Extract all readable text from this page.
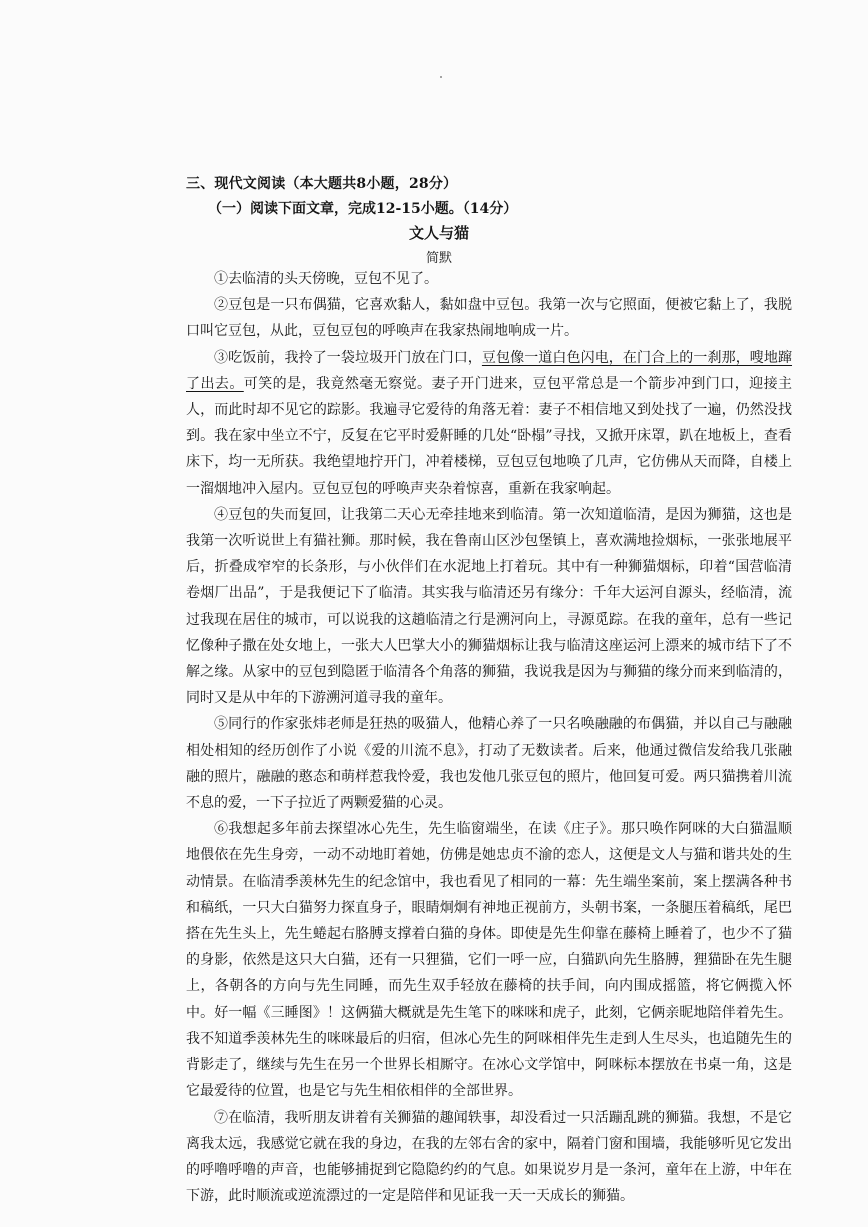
三、现代文阅读（本大题共8小题，28分）
（一）阅读下面文章，完成12-15小题。（14分）
文人与猫
简默

①去临清的头天傍晚，豆包不见了。

②豆包是一只布偶猫，它喜欢黏人，黏如盘中豆包。我第一次与它照面，便被它黏上了，我脱口叫它豆包，从此，豆包豆包的呼唤声在我家热闹地响成一片。

③吃饭前，我拎了一袋垃圾开门放在门口，豆包像一道白色闪电，在门合上的一刹那，嗖地蹿了出去。可笑的是，我竟然毫无察觉。妻子开门进来，豆包平常总是一个箭步冲到门口，迎接主人，而此时却不见它的踪影。我遍寻它爱待的角落无着：妻子不相信地又到处找了一遍，仍然没找到。我在家中坐立不宁，反复在它平时爱鼾睡的几处“卧榻”寻找，又掀开床罩，趴在地板上，查看床下，均一无所获。我绝望地拧开门，冲着楼梯，豆包豆包地唤了几声，它仿佛从天而降，自楼上一溜烟地冲入屋内。豆包豆包的呼唤声夹杂着惊喜，重新在我家响起。

④豆包的失而复回，让我第二天心无牵挂地来到临清。第一次知道临清，是因为狮猫，这也是我第一次听说世上有猫社狮。那时候，我在鲁南山区沙包堡镇上，喜欢满地捡烟标，一张张地展平后，折叠成窄窄的长条形，与小伙伴们在水泥地上打着玩。其中有一种狮猫烟标，印着“国营临清卷烟厂出品”，于是我便记下了临清。其实我与临清还另有缘分：千年大运河自源头，经临清，流过我现在居住的城市，可以说我的这趟临清之行是溯河向上，寻源觅踪。在我的童年，总有一些记忆像种子撒在处女地上，一张大人巴掌大小的狮猫烟标让我与临清这座运河上漂来的城市结下了不解之缘。从家中的豆包到隐匿于临清各个角落的狮猫，我说我是因为与狮猫的缘分而来到临清的，同时又是从中年的下游溯河道寻我的童年。

⑤同行的作家张炜老师是狂热的吸猫人，他精心养了一只名唤融融的布偶猫，并以自己与融融相处相知的经历创作了小说《爱的川流不息》，打动了无数读者。后来，他通过微信发给我几张融融的照片，融融的憨态和萌样惹我怜爱，我也发他几张豆包的照片，他回复可爱。两只猫携着川流不息的爱，一下子拉近了两颗爱猫的心灵。

⑥我想起多年前去探望冰心先生，先生临窗端坐，在读《庄子》。那只唤作阿咪的大白猫温顺地偎依在先生身旁，一动不动地盯着她，仿佛是她忠贞不渝的恋人，这便是文人与猫和谐共处的生动情景。在临清季羡林先生的纪念馆中，我也看见了相同的一幕：先生端坐案前，案上摆满各种书和稿纸，一只大白猫努力探直身子，眼睛炯炯有神地正视前方，头朝书案，一条腿压着稿纸，尾巴搭在先生头上，先生蜷起右胳膊支撑着白猫的身体。即使是先生仰靠在藤椅上睡着了，也少不了猫的身影，依然是这只大白猫，还有一只狸猫，它们一呼一应，白猫趴向先生胳膊，狸猫卧在先生腿上，各朝各的方向与先生同睡，而先生双手轻放在藤椅的扶手间，向内围成摇篮，将它俩揽入怀中。好一幅《三睡图》！这俩猫大概就是先生笔下的咪咪和虎子，此刻，它俩亲昵地陪伴着先生。我不知道季羡林先生的咪咪最后的归宿，但冰心先生的阿咪相伴先生走到人生尽头，也追随先生的背影走了，继续与先生在另一个世界长相厮守。在冰心文学馆中，阿咪标本摆放在书桌一角，这是它最爱待的位置，也是它与先生相依相伴的全部世界。

⑦在临清，我听朋友讲着有关狮猫的趣闻轶事，却没看过一只活蹦乱跳的狮猫。我想，不是它离我太远，我感觉它就在我的身边，在我的左邻右舍的家中，隔着门窗和围墙，我能够听见它发出的呼噜呼噜的声音，也能够捕捉到它隐隐约约的气息。如果说岁月是一条河，童年在上游，中年在下游，此时顺流或逆流漂过的一定是陪伴和见证我一天一天成长的狮猫。
